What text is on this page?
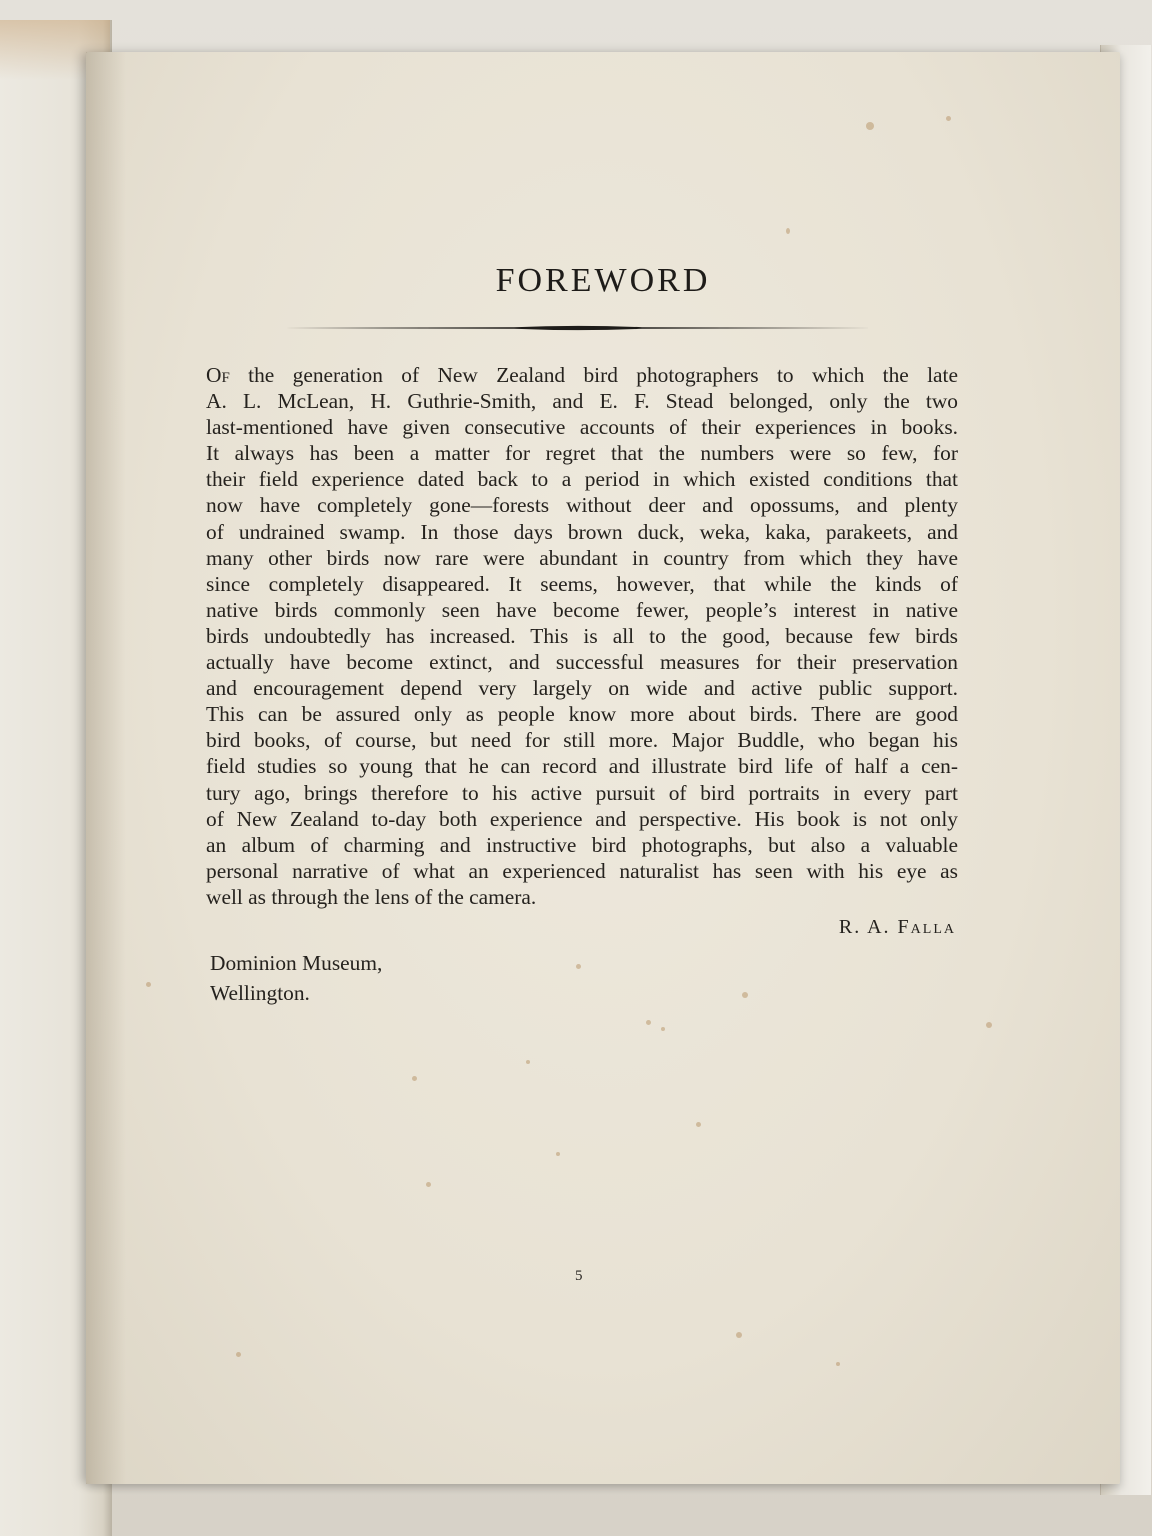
FOREWORD
Of the generation of New Zealand bird photographers to which the late
A. L. McLean, H. Guthrie-Smith, and E. F. Stead belonged, only the two
last-mentioned have given consecutive accounts of their experiences in books.
It always has been a matter for regret that the numbers were so few, for
their field experience dated back to a period in which existed conditions that
now have completely gone—forests without deer and opossums, and plenty
of undrained swamp. In those days brown duck, weka, kaka, parakeets, and
many other birds now rare were abundant in country from which they have
since completely disappeared. It seems, however, that while the kinds of
native birds commonly seen have become fewer, people’s interest in native
birds undoubtedly has increased. This is all to the good, because few birds
actually have become extinct, and successful measures for their preservation
and encouragement depend very largely on wide and active public support.
This can be assured only as people know more about birds. There are good
bird books, of course, but need for still more. Major Buddle, who began his
field studies so young that he can record and illustrate bird life of half a cen-
tury ago, brings therefore to his active pursuit of bird portraits in every part
of New Zealand to-day both experience and perspective. His book is not only
an album of charming and instructive bird photographs, but also a valuable
personal narrative of what an experienced naturalist has seen with his eye as
well as through the lens of the camera.
R. A. Falla
Dominion Museum,
Wellington.
5
